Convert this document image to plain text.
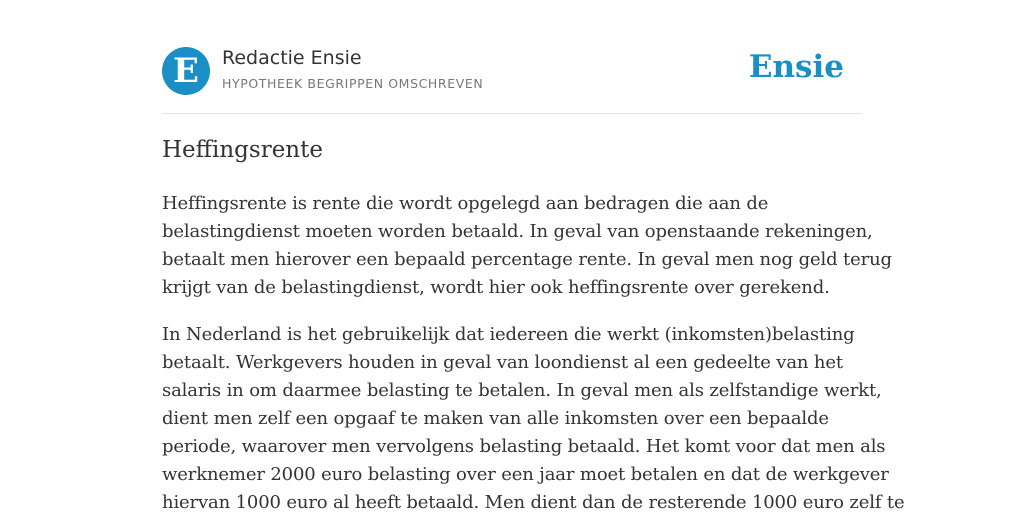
E	Redactie Ensie
HYPOTHEEK BEGRIPPEN OMSCHREVEN	Ensie
Heffingsrente

Heffingsrente is rente die wordt opgelegd aan bedragen die aan de
belastingdienst moeten worden betaald. In geval van openstaande rekeningen,
betaalt men hierover een bepaald percentage rente. In geval men nog geld terug
krijgt van de belastingdienst, wordt hier ook heffingsrente over gerekend.

In Nederland is het gebruikelijk dat iedereen die werkt (inkomsten)belasting
betaalt. Werkgevers houden in geval van loondienst al een gedeelte van het
salaris in om daarmee belasting te betalen. In geval men als zelfstandige werkt,
dient men zelf een opgaaf te maken van alle inkomsten over een bepaalde
periode, waarover men vervolgens belasting betaald. Het komt voor dat men als
werknemer 2000 euro belasting over een jaar moet betalen en dat de werkgever
hiervan 1000 euro al heeft betaald. Men dient dan de resterende 1000 euro zelf te
